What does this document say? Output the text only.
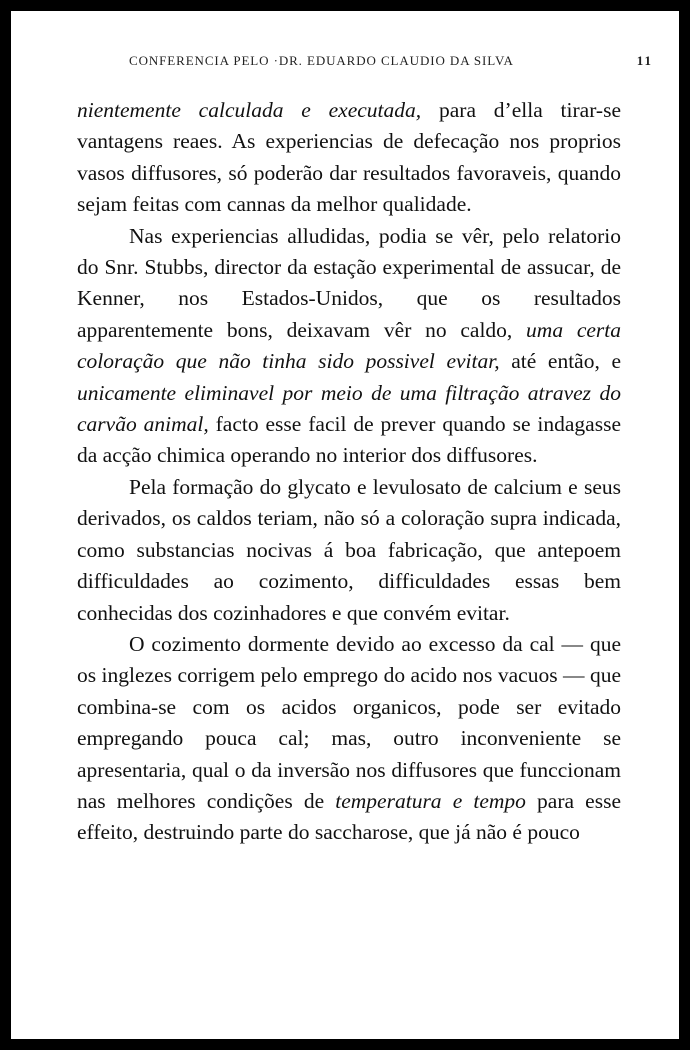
CONFERENCIA PELO ·DR. EDUARDO CLAUDIO DA SILVA	11

nientemente calculada e executada, para d’ella tirar-se vantagens reaes. As experiencias de defecação nos proprios vasos diffusores, só poderão dar resultados favoraveis, quando sejam feitas com cannas da melhor qualidade.

Nas experiencias alludidas, podia se vêr, pelo relatorio do Snr. Stubbs, director da estação experimental de assucar, de Kenner, nos Estados-Unidos, que os resultados apparentemente bons, deixavam vêr no caldo, uma certa coloração que não tinha sido possivel evitar, até então, e unicamente eliminavel por meio de uma filtração atravez do carvão animal, facto esse facil de prever quando se indagasse da acção chimica operando no interior dos diffusores.

Pela formação do glycato e levulosato de calcium e seus derivados, os caldos teriam, não só a coloração supra indicada, como substancias nocivas á boa fabricação, que antepoem difficuldades ao cozimento, difficuldades essas bem conhecidas dos cozinhadores e que convém evitar.

O cozimento dormente devido ao excesso da cal — que os inglezes corrigem pelo emprego do acido nos vacuos — que combina-se com os acidos organicos, pode ser evitado empregando pouca cal; mas, outro inconveniente se apresentaria, qual o da inversão nos diffusores que funccionam nas melhores condições de temperatura e tempo para esse effeito, destruindo parte do saccharose, que já não é pouco
